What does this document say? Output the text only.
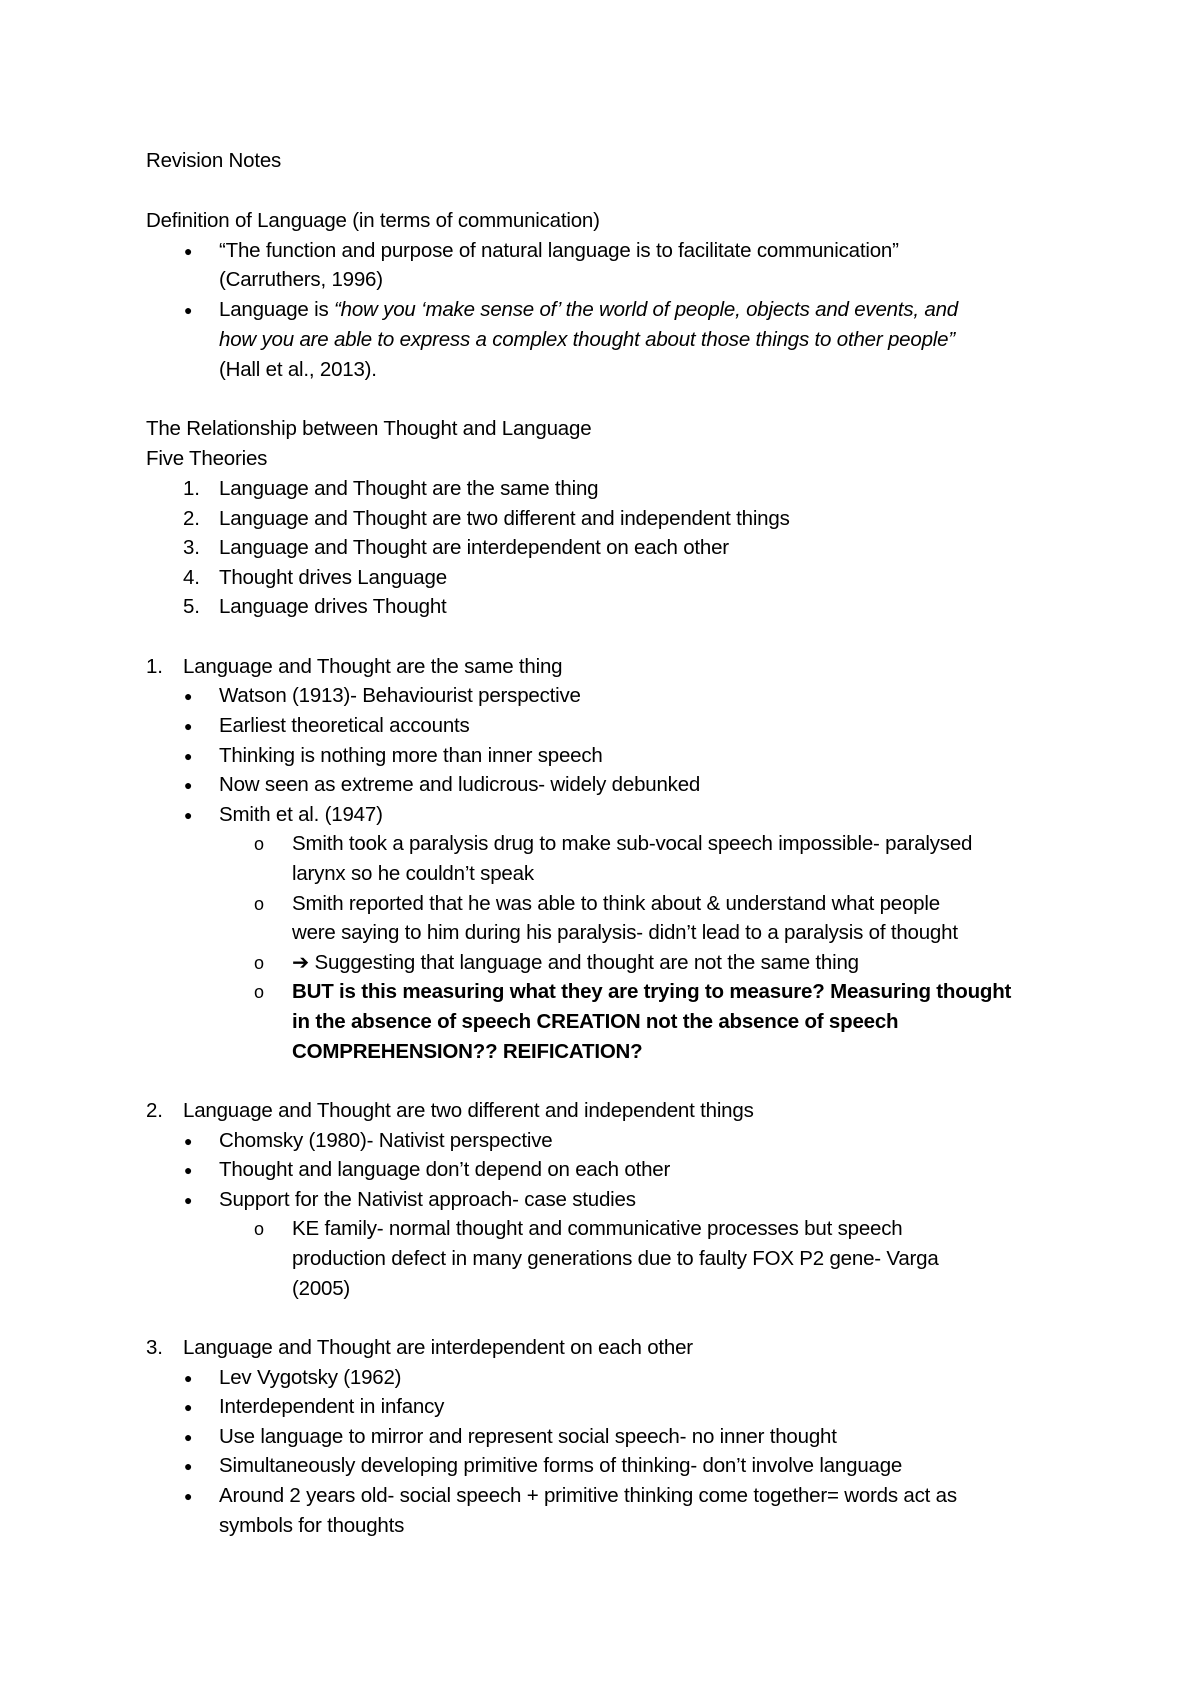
Revision Notes
Definition of Language (in terms of communication)
● “The function and purpose of natural language is to facilitate communication”
(Carruthers, 1996)
● Language is “how you ‘make sense of’ the world of people, objects and events, and
how you are able to express a complex thought about those things to other people”
(Hall et al., 2013).
The Relationship between Thought and Language
Five Theories
1. Language and Thought are the same thing
2. Language and Thought are two different and independent things
3. Language and Thought are interdependent on each other
4. Thought drives Language
5. Language drives Thought
1. Language and Thought are the same thing
● Watson (1913)- Behaviourist perspective
● Earliest theoretical accounts
● Thinking is nothing more than inner speech
● Now seen as extreme and ludicrous- widely debunked
● Smith et al. (1947)
o Smith took a paralysis drug to make sub-vocal speech impossible- paralysed
larynx so he couldn’t speak
o Smith reported that he was able to think about & understand what people
were saying to him during his paralysis- didn’t lead to a paralysis of thought
o ➔ Suggesting that language and thought are not the same thing
o BUT is this measuring what they are trying to measure? Measuring thought
in the absence of speech CREATION not the absence of speech
COMPREHENSION?? REIFICATION?
2. Language and Thought are two different and independent things
● Chomsky (1980)- Nativist perspective
● Thought and language don’t depend on each other
● Support for the Nativist approach- case studies
o KE family- normal thought and communicative processes but speech
production defect in many generations due to faulty FOX P2 gene- Varga
(2005)
3. Language and Thought are interdependent on each other
● Lev Vygotsky (1962)
● Interdependent in infancy
● Use language to mirror and represent social speech- no inner thought
● Simultaneously developing primitive forms of thinking- don’t involve language
● Around 2 years old- social speech + primitive thinking come together= words act as
symbols for thoughts
